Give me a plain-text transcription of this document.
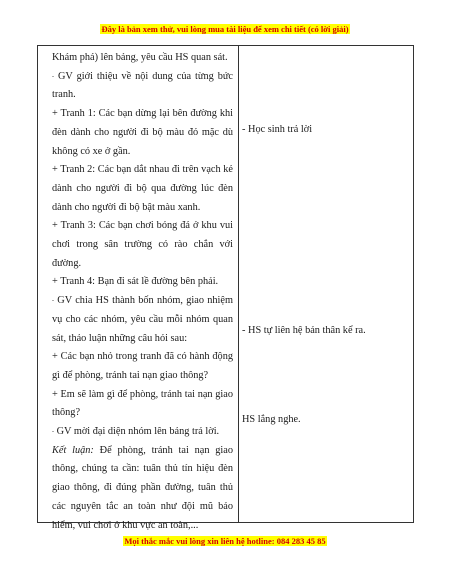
Đây là bản xem thử, vui lòng mua tài liệu để xem chi tiết (có lời giải)

Khám phá) lên bảng, yêu cầu HS quan sát.

- GV giới thiệu về nội dung của từng bức tranh.

+ Tranh 1: Các bạn dừng lại bên đường khi đèn dành cho người đi bộ màu đỏ mặc dù không có xe ở gần.

+ Tranh 2: Các bạn dắt nhau đi trên vạch kẻ dành cho người đi bộ qua đường lúc đèn dành cho người đi bộ bật màu xanh.

+ Tranh 3: Các bạn chơi bóng đá ở khu vui chơi trong sân trường có rào chắn với đường.

+ Tranh 4: Bạn đi sát lề đường bên phải.

- GV chia HS thành bốn nhóm, giao nhiệm vụ cho các nhóm, yêu cầu mỗi nhóm quan sát, thảo luận những câu hỏi sau:

+ Các bạn nhỏ trong tranh đã có hành động gì để phòng, tránh tai nạn giao thông?

+ Em sẽ làm gì để phòng, tránh tai nạn giao thông?

- GV mời đại diện nhóm lên bảng trả lời.

Kết luận: Để phòng, tránh tai nạn giao thông, chúng ta cần: tuân thủ tín hiệu đèn giao thông, đi đúng phần đường, tuân thủ các nguyên tắc an toàn như đội mũ bảo hiểm, vui chơi ở khu vực an toàn,...

- Học sinh trả lời
- HS tự liên hệ bản thân kể ra.
HS lắng nghe.
Mọi thắc mắc vui lòng xin liên hệ hotline: 084 283 45 85
